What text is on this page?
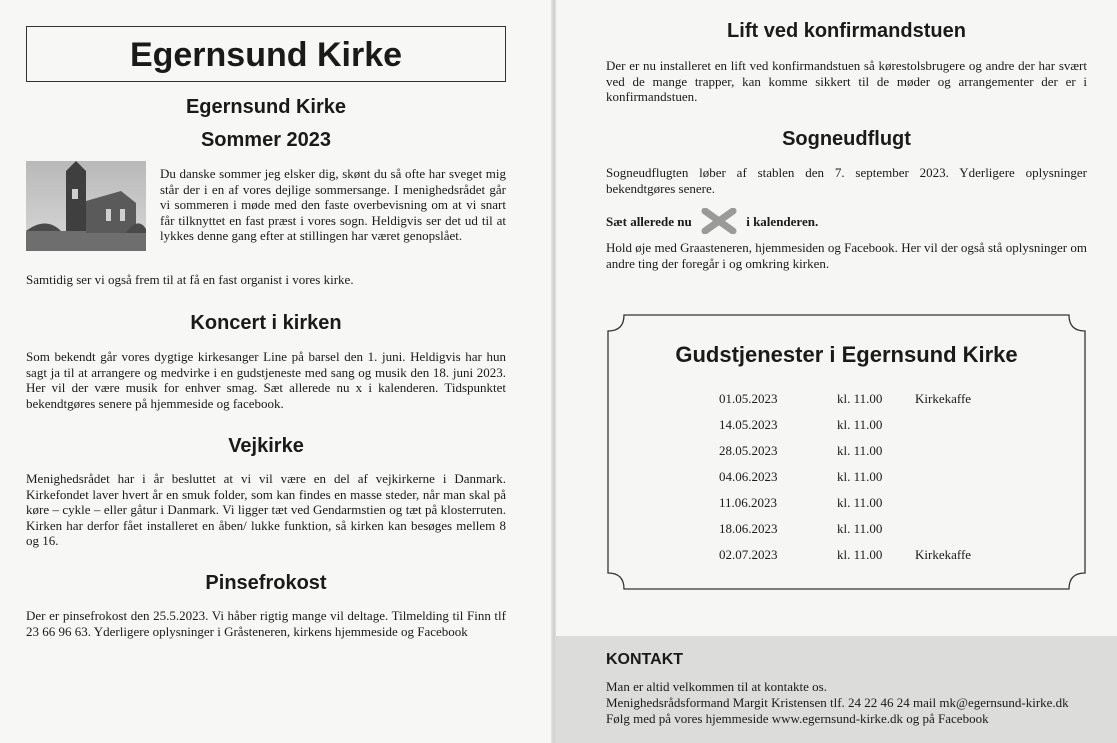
Egernsund Kirke
Egernsund Kirke
Sommer 2023
Du danske sommer jeg elsker dig, skønt du så ofte har sveget mig står der i en af vores dejlige sommersange. I menighedsrådet går vi sommeren i møde med den faste overbevisning om at vi snart får tilknyttet en fast præst i vores sogn. Heldigvis ser det ud til at lykkes denne gang efter at stillingen har været genopslået.
Samtidig ser vi også frem til at få en fast organist i vores kirke.
Koncert i kirken
Som bekendt går vores dygtige kirkesanger Line på barsel den 1. juni. Heldigvis har hun sagt ja til at arrangere og medvirke i en gudstjeneste med sang og musik den 18. juni 2023. Her vil der være musik for enhver smag. Sæt allerede nu x i kalenderen. Tidspunktet bekendtgøres senere på hjemmeside og facebook.
Vejkirke
Menighedsrådet har i år besluttet at vi vil være en del af vejkirkerne i Danmark. Kirkefondet laver hvert år en smuk folder, som kan findes en masse steder, når man skal på køre – cykle – eller gåtur i Danmark. Vi ligger tæt ved Gendarmstien og tæt på klosterruten. Kirken har derfor fået installeret en åben/ lukke funktion, så kirken kan besøges mellem 8 og 16.
Pinsefrokost
Der er pinsefrokost den 25.5.2023. Vi håber rigtig mange vil deltage. Tilmelding til Finn tlf 23 66 96 63. Yderligere oplysninger i Gråsteneren, kirkens hjemmeside og Facebook
Lift ved konfirmandstuen
Der er nu installeret en lift ved konfirmandstuen så kørestolsbrugere og andre der har svært ved de mange trapper, kan komme sikkert til de møder og arrangementer der er i konfirmandstuen.
Sogneudflugt
Sogneudflugten løber af stablen den 7. september 2023. Yderligere oplysninger bekendtgøres senere.
Sæt allerede nu	i kalenderen.
Hold øje med Graasteneren, hjemmesiden og Facebook. Her vil der også stå oplysninger om andre ting der foregår i og omkring kirken.
Gudstjenester i Egernsund Kirke
01.05.2023	kl. 11.00	Kirkekaffe
14.05.2023	kl. 11.00
28.05.2023	kl. 11.00
04.06.2023	kl. 11.00
11.06.2023	kl. 11.00
18.06.2023	kl. 11.00
02.07.2023	kl. 11.00	Kirkekaffe
KONTAKT
Man er altid velkommen til at kontakte os.
Menighedsrådsformand Margit Kristensen tlf. 24 22 46 24 mail mk@egernsund-kirke.dk
Følg med på vores hjemmeside www.egernsund-kirke.dk og på Facebook
